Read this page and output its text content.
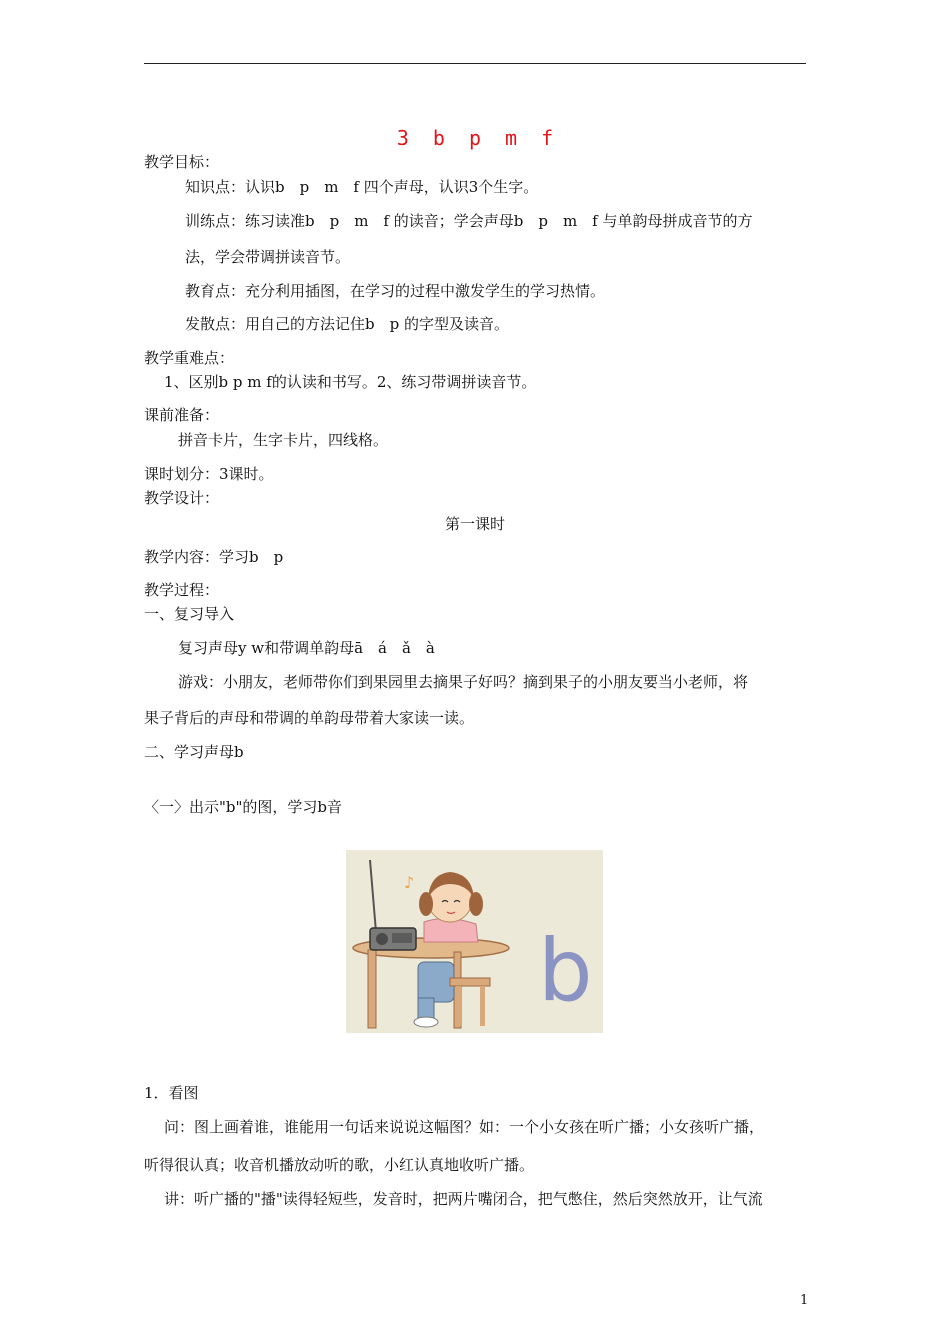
3 b p m f
教学目标：
知识点：认识b　p　m　f 四个声母，认识3个生字。
训练点：练习读准b　p　m　f 的读音；学会声母b　p　m　f 与单韵母拼成音节的方
法，学会带调拼读音节。
教育点：充分利用插图，在学习的过程中激发学生的学习热情。
发散点：用自己的方法记住b　p 的字型及读音。
教学重难点：
1、区别b p m f的认读和书写。2、练习带调拼读音节。
课前准备：
拼音卡片，生字卡片，四线格。
课时划分：3课时。
教学设计：
第一课时
教学内容：学习b　p
教学过程：
一、复习导入
复习声母y w和带调单韵母ā　á　ǎ　à
游戏：小朋友，老师带你们到果园里去摘果子好吗？摘到果子的小朋友要当小老师，将
果子背后的声母和带调的单韵母带着大家读一读。
二、学习声母b
〈一〉出示"b"的图，学习b音
♪
b
1．看图
问：图上画着谁，谁能用一句话来说说这幅图？如：一个小女孩在听广播；小女孩听广播，
听得很认真；收音机播放动听的歌，小红认真地收听广播。
讲：听广播的"播"读得轻短些，发音时，把两片嘴闭合，把气憋住，然后突然放开，让气流
1
